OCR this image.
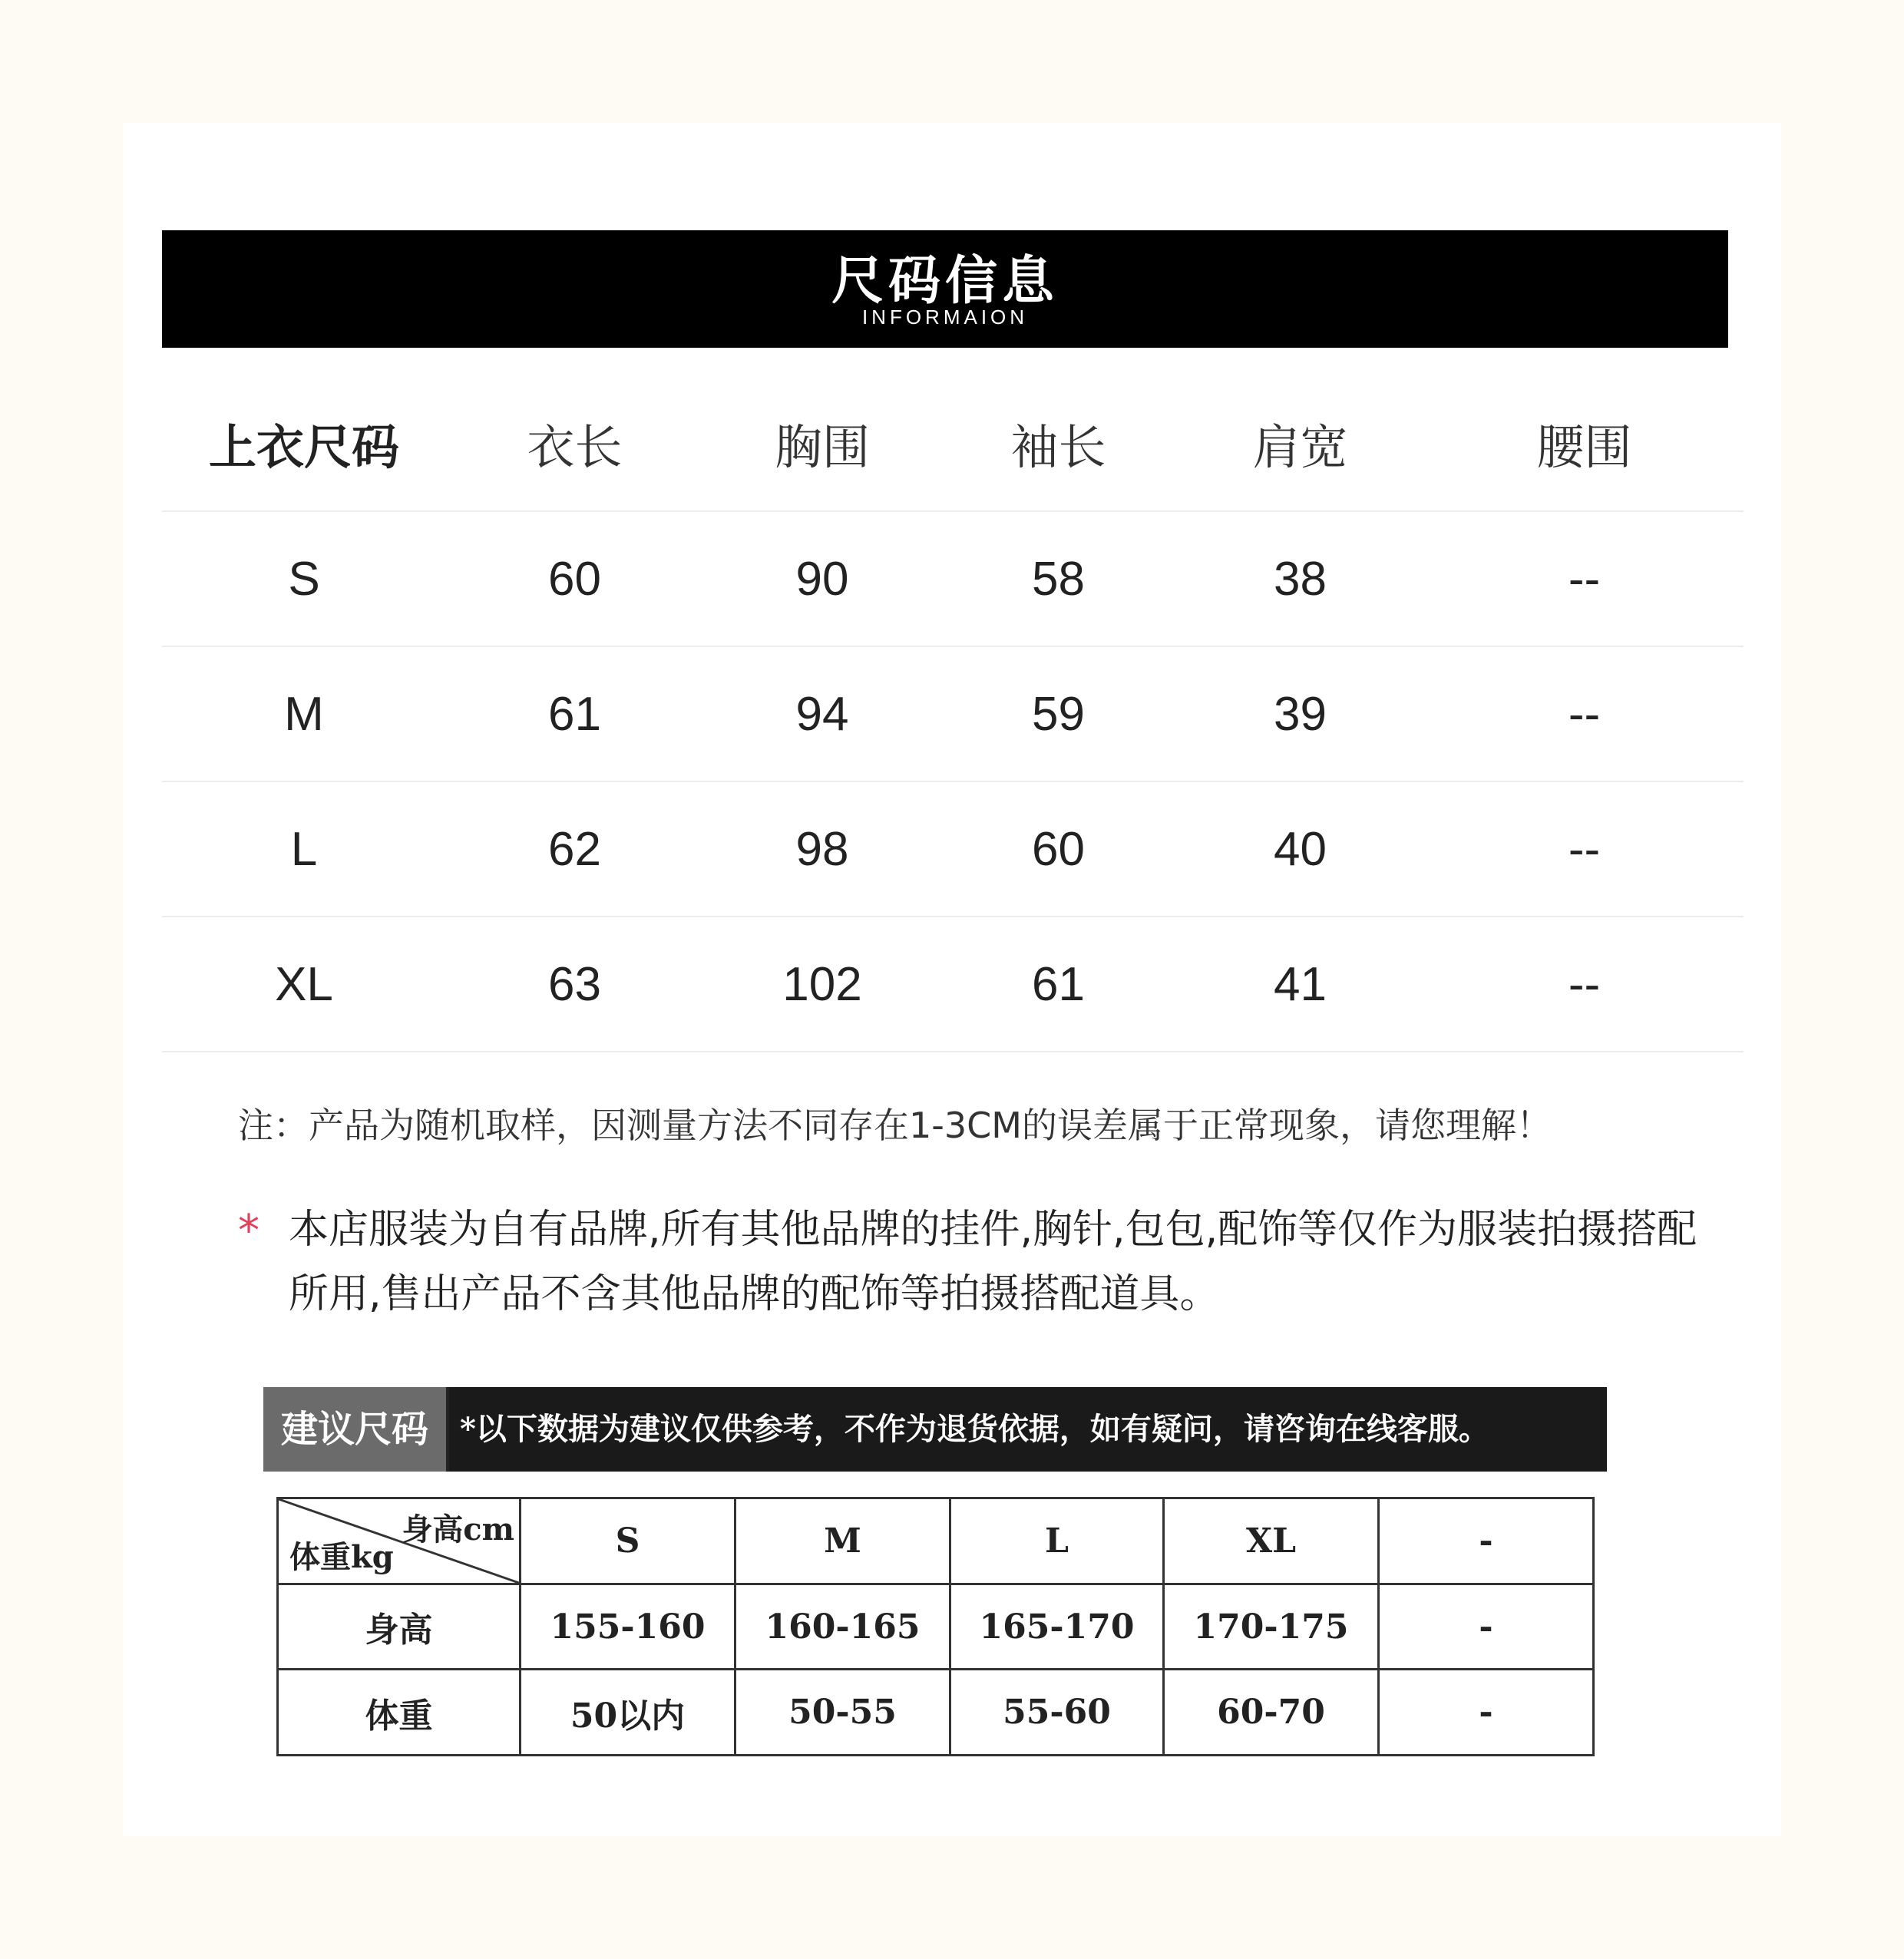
尺码信息
INFORMAION
上衣尺码	衣长	胸围	袖长	肩宽	腰围
S	60	90	58	38	--
M	61	94	59	39	--
L	62	98	60	40	--
XL	63	102	61	41	--
注：产品为随机取样，因测量方法不同存在1-3CM的误差属于正常现象，请您理解！
* 本店服装为自有品牌,所有其他品牌的挂件,胸针,包包,配饰等仅作为服装拍摄搭配所用,售出产品不含其他品牌的配饰等拍摄搭配道具。
建议尺码	*以下数据为建议仅供参考，不作为退货依据，如有疑问，请咨询在线客服。
身高cm
体重kg	S	M	L	XL	-
身高	155-160	160-165	165-170	170-175	-
体重	50以内	50-55	55-60	60-70	-
